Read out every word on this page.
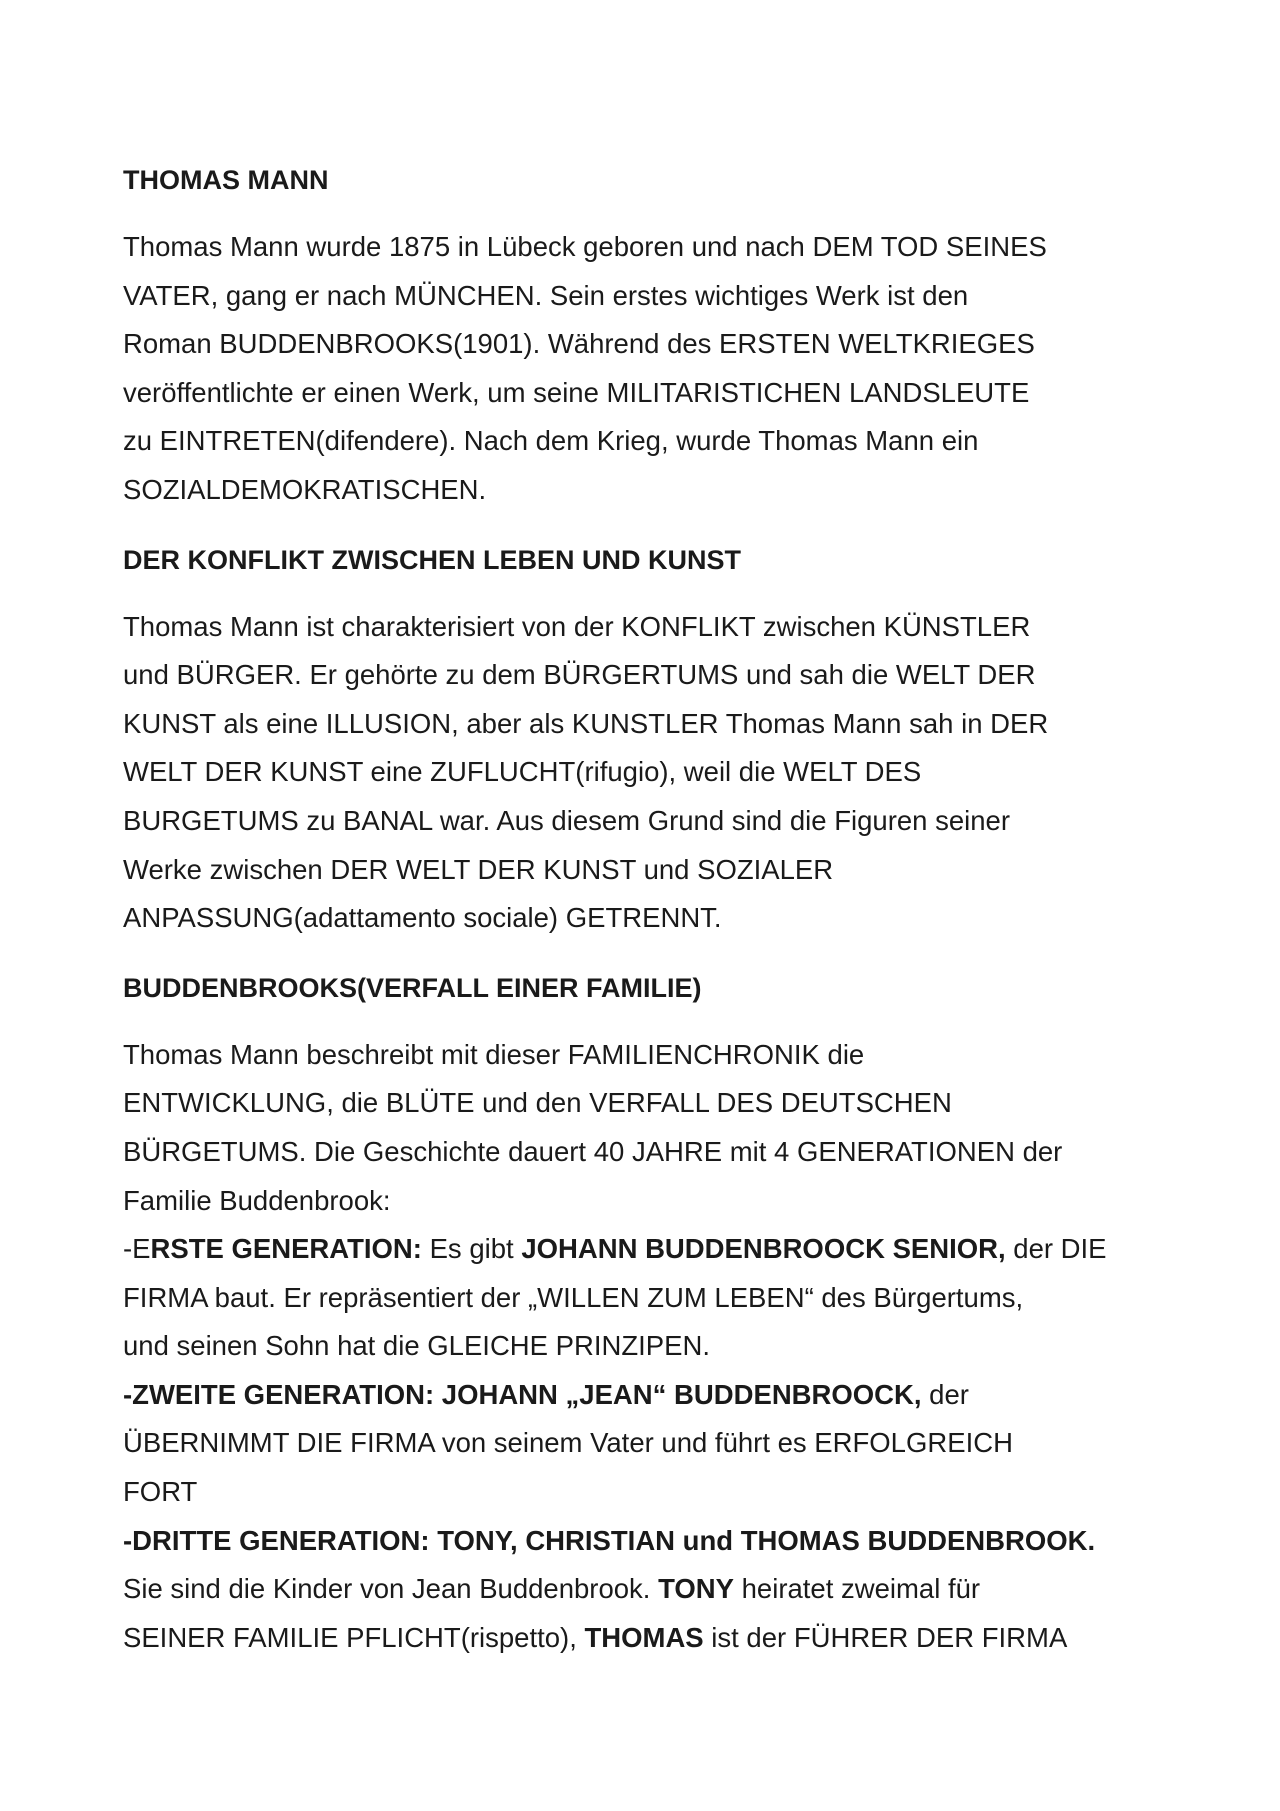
THOMAS MANN
Thomas Mann wurde 1875 in Lübeck geboren und nach DEM TOD SEINES
VATER, gang er nach MÜNCHEN. Sein erstes wichtiges Werk ist den
Roman BUDDENBROOKS(1901). Während des ERSTEN WELTKRIEGES
veröffentlichte er einen Werk, um seine MILITARISTICHEN LANDSLEUTE
zu EINTRETEN(difendere). Nach dem Krieg, wurde Thomas Mann ein
SOZIALDEMOKRATISCHEN.
DER KONFLIKT ZWISCHEN LEBEN UND KUNST
Thomas Mann ist charakterisiert von der KONFLIKT zwischen KÜNSTLER
und BÜRGER. Er gehörte zu dem BÜRGERTUMS und sah die WELT DER
KUNST als eine ILLUSION, aber als KUNSTLER Thomas Mann sah in DER
WELT DER KUNST eine ZUFLUCHT(rifugio), weil die WELT DES
BURGETUMS zu BANAL war. Aus diesem Grund sind die Figuren seiner
Werke zwischen DER WELT DER KUNST und SOZIALER
ANPASSUNG(adattamento sociale) GETRENNT.
BUDDENBROOKS(VERFALL EINER FAMILIE)
Thomas Mann beschreibt mit dieser FAMILIENCHRONIK die
ENTWICKLUNG, die BLÜTE und den VERFALL DES DEUTSCHEN
BÜRGETUMS. Die Geschichte dauert 40 JAHRE mit 4 GENERATIONEN der
Familie Buddenbrook:
-ERSTE GENERATION: Es gibt JOHANN BUDDENBROOCK SENIOR, der DIE
FIRMA baut. Er repräsentiert der „WILLEN ZUM LEBEN“ des Bürgertums,
und seinen Sohn hat die GLEICHE PRINZIPEN.
-ZWEITE GENERATION: JOHANN „JEAN“ BUDDENBROOCK, der
ÜBERNIMMT DIE FIRMA von seinem Vater und führt es ERFOLGREICH
FORT
-DRITTE GENERATION: TONY, CHRISTIAN und THOMAS BUDDENBROOK.
Sie sind die Kinder von Jean Buddenbrook. TONY heiratet zweimal für
SEINER FAMILIE PFLICHT(rispetto), THOMAS ist der FÜHRER DER FIRMA
